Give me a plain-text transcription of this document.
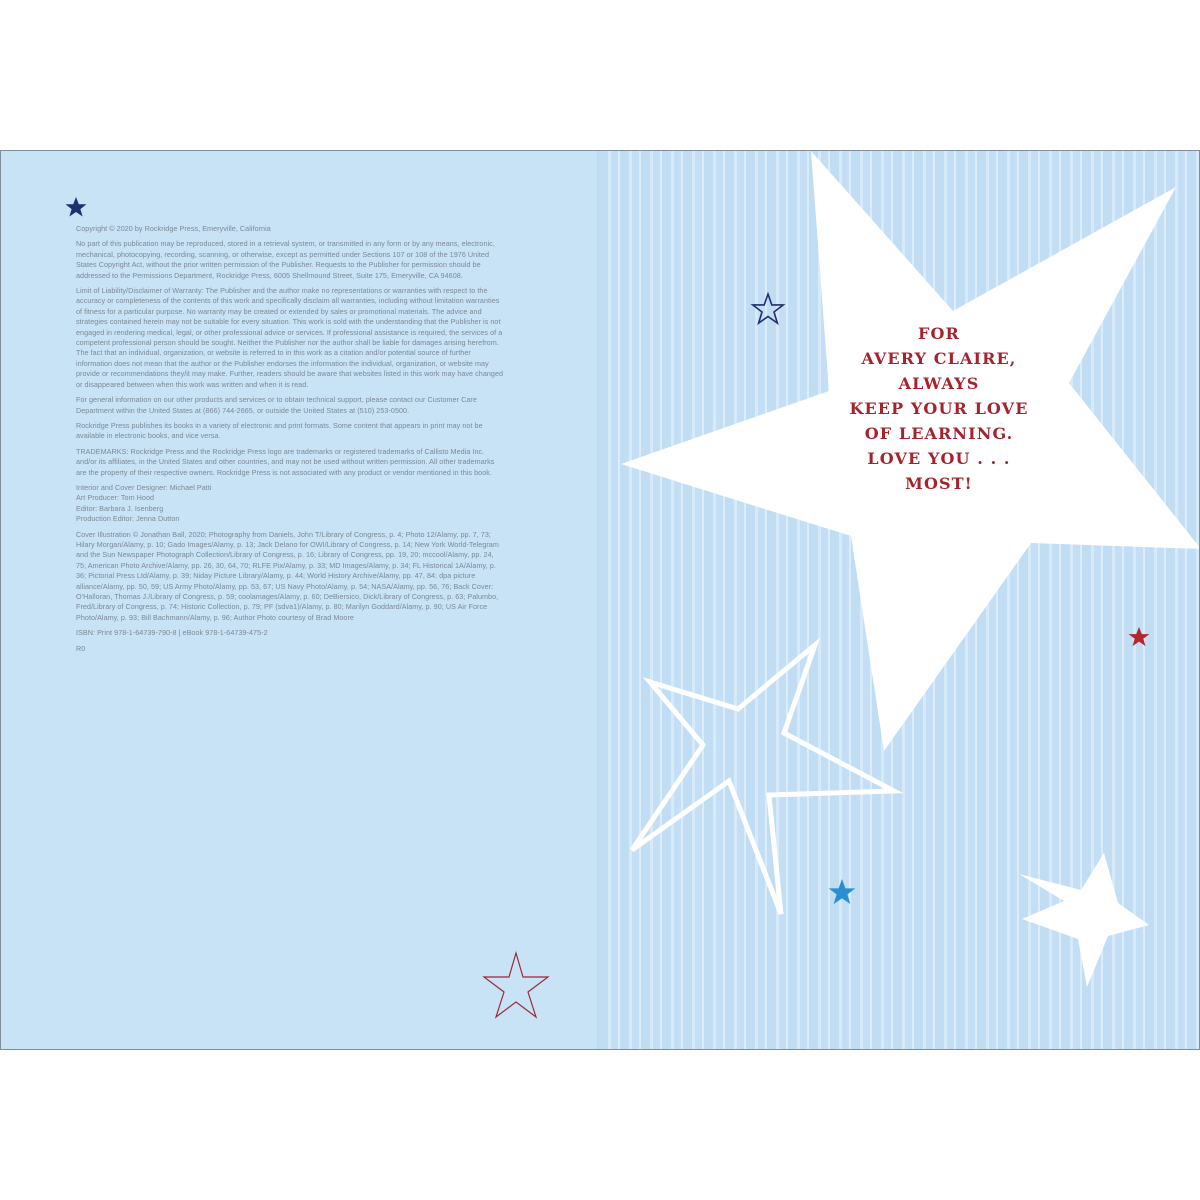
Copyright © 2020 by Rockridge Press, Emeryville, California

No part of this publication may be reproduced, stored in a retrieval system, or transmitted in any form or by any means, electronic, mechanical, photocopying, recording, scanning, or otherwise, except as permitted under Sections 107 or 108 of the 1976 United States Copyright Act, without the prior written permission of the Publisher. Requests to the Publisher for permission should be addressed to the Permissions Department, Rockridge Press, 6005 Shellmound Street, Suite 175, Emeryville, CA 94608.

Limit of Liability/Disclaimer of Warranty: The Publisher and the author make no representations or warranties with respect to the accuracy or completeness of the contents of this work and specifically disclaim all warranties, including without limitation warranties of fitness for a particular purpose. No warranty may be created or extended by sales or promotional materials. The advice and strategies contained herein may not be suitable for every situation. This work is sold with the understanding that the Publisher is not engaged in rendering medical, legal, or other professional advice or services. If professional assistance is required, the services of a competent professional person should be sought. Neither the Publisher nor the author shall be liable for damages arising herefrom. The fact that an individual, organization, or website is referred to in this work as a citation and/or potential source of further information does not mean that the author or the Publisher endorses the information the individual, organization, or website may provide or recommendations they/it may make. Further, readers should be aware that websites listed in this work may have changed or disappeared between when this work was written and when it is read.

For general information on our other products and services or to obtain technical support, please contact our Customer Care Department within the United States at (866) 744-2665, or outside the United States at (510) 253-0500.

Rockridge Press publishes its books in a variety of electronic and print formats. Some content that appears in print may not be available in electronic books, and vice versa.

TRADEMARKS: Rockridge Press and the Rockridge Press logo are trademarks or registered trademarks of Callisto Media Inc. and/or its affiliates, in the United States and other countries, and may not be used without written permission. All other trademarks are the property of their respective owners. Rockridge Press is not associated with any product or vendor mentioned in this book.

Interior and Cover Designer: Michael Patti
Art Producer: Tom Hood
Editor: Barbara J. Isenberg
Production Editor: Jenna Dutton

Cover Illustration © Jonathan Ball, 2020; Photography from Daniels, John T/Library of Congress, p. 4; Photo 12/Alamy, pp. 7, 73; Hilary Morgan/Alamy, p. 10; Gado Images/Alamy, p. 13; Jack Delano for OWI/Library of Congress, p. 14; New York World-Telegram and the Sun Newspaper Photograph Collection/Library of Congress, p. 16; Library of Congress, pp. 19, 20; mccool/Alamy, pp. 24, 75; American Photo Archive/Alamy, pp. 26, 30, 64, 70; RLFE Pix/Alamy, p. 33; MD Images/Alamy, p. 34; FL Historical 1A/Alamy, p. 36; Pictorial Press Ltd/Alamy, p. 39; Niday Picture Library/Alamy, p. 44; World History Archive/Alamy, pp. 47, 84; dpa picture alliance/Alamy, pp. 50, 59; US Army Photo/Alamy, pp. 53, 67; US Navy Photo/Alamy, p. 54; NASA/Alamy, pp. 56, 76; Back Cover: O'Halloran, Thomas J./Library of Congress, p. 59; coolamages/Alamy, p. 60; DeBiersico, Dick/Library of Congress, p. 63; Palumbo, Fred/Library of Congress, p. 74; Historic Collection, p. 79; PF (sdva1)/Alamy, p. 80; Marilyn Goddard/Alamy, p. 90; US Air Force Photo/Alamy, p. 93; Bill Bachmann/Alamy, p. 96; Author Photo courtesy of Brad Moore

ISBN: Print 978-1-64739-790-8 | eBook 978-1-64739-475-2

R0

FOR
AVERY CLAIRE,
ALWAYS
KEEP YOUR LOVE
OF LEARNING.
LOVE YOU . . .
MOST!
